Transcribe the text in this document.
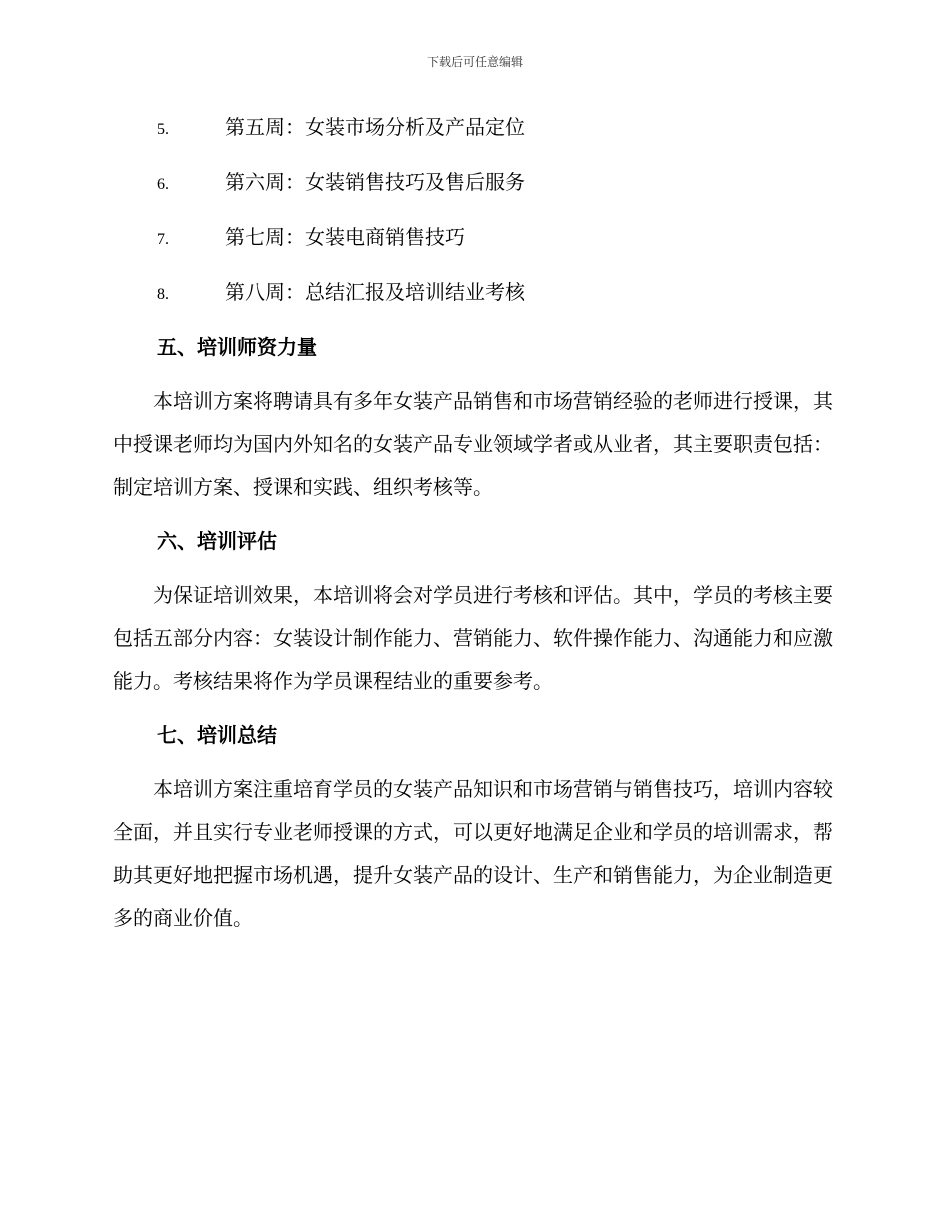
下载后可任意编辑
5.	第五周：女装市场分析及产品定位
6.	第六周：女装销售技巧及售后服务
7.	第七周：女装电商销售技巧
8.	第八周：总结汇报及培训结业考核
五、培训师资力量
本培训方案将聘请具有多年女装产品销售和市场营销经验的老师进行授课，其中授课老师均为国内外知名的女装产品专业领域学者或从业者，其主要职责包括：制定培训方案、授课和实践、组织考核等。
六、培训评估
为保证培训效果，本培训将会对学员进行考核和评估。其中，学员的考核主要包括五部分内容：女装设计制作能力、营销能力、软件操作能力、沟通能力和应激能力。考核结果将作为学员课程结业的重要参考。
七、培训总结
本培训方案注重培育学员的女装产品知识和市场营销与销售技巧，培训内容较全面，并且实行专业老师授课的方式，可以更好地满足企业和学员的培训需求，帮助其更好地把握市场机遇，提升女装产品的设计、生产和销售能力，为企业制造更多的商业价值。
